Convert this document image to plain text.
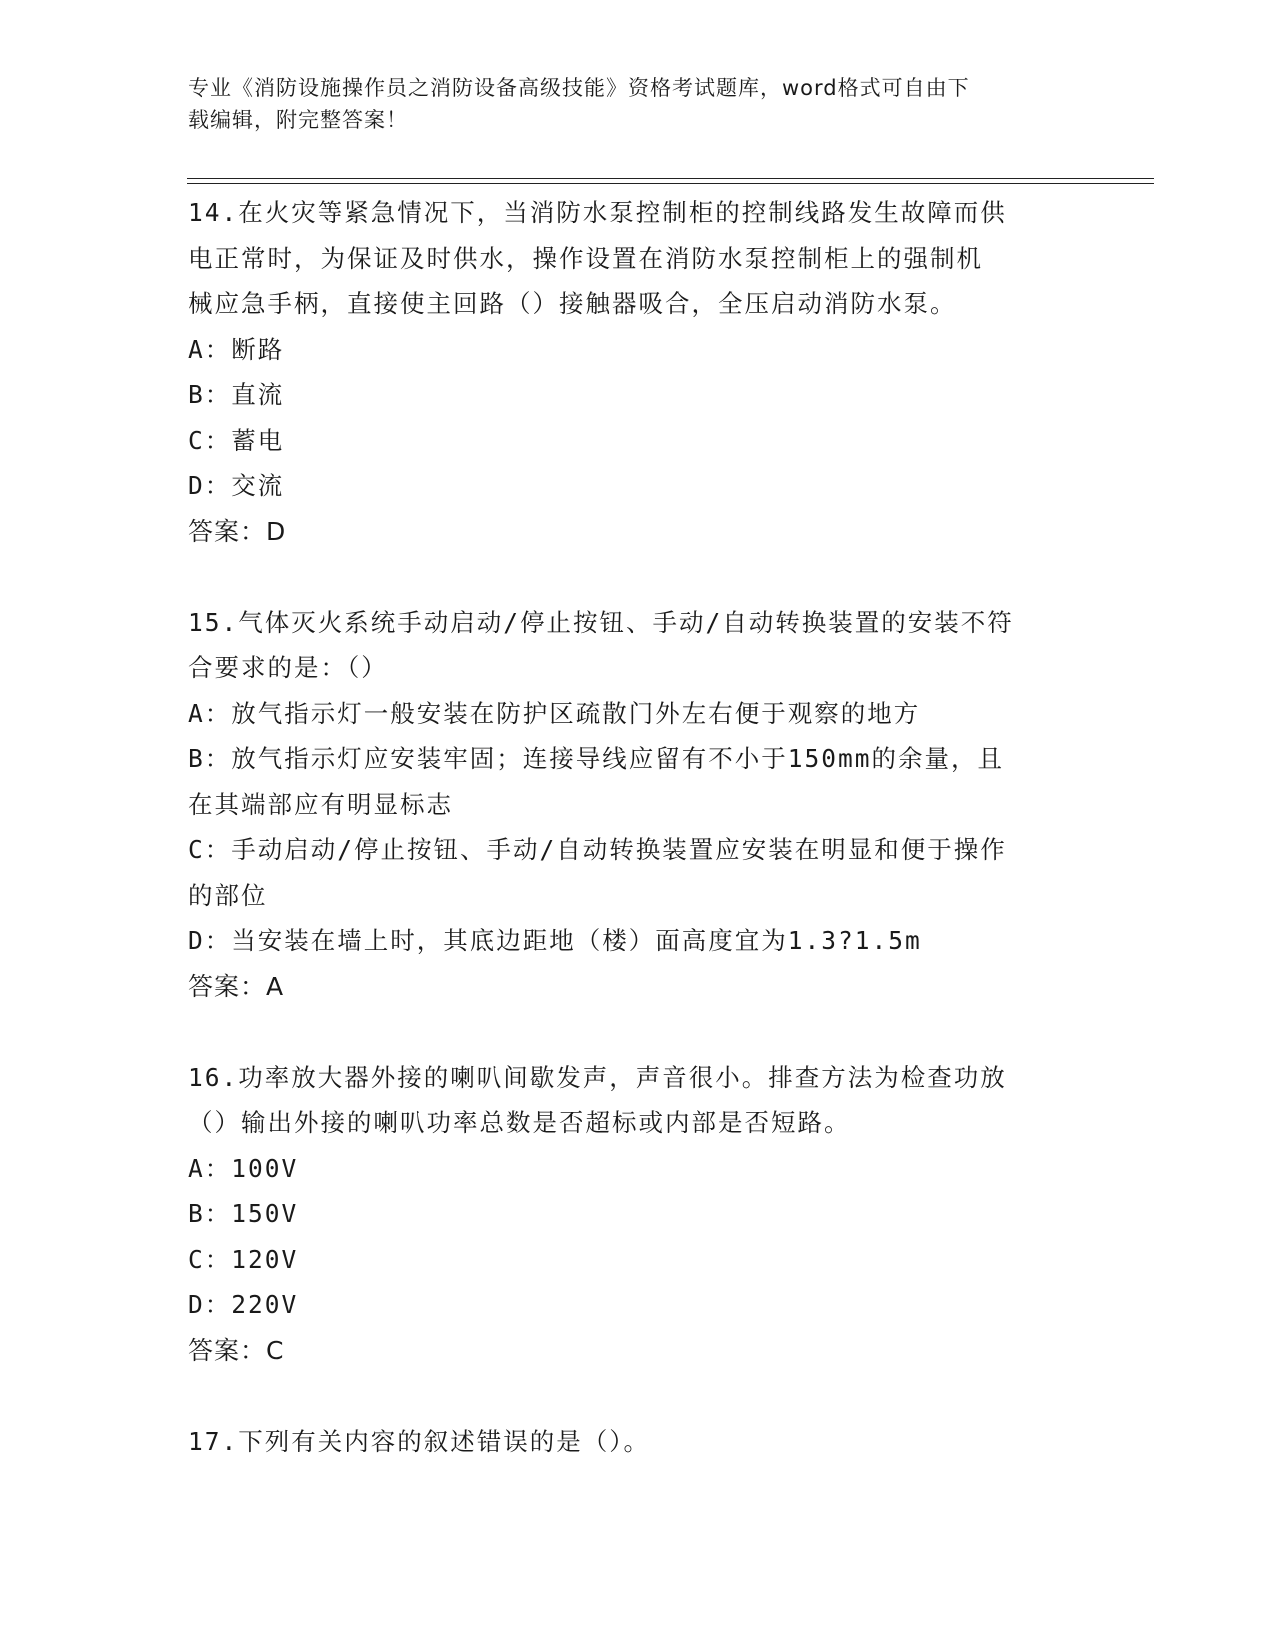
专业《消防设施操作员之消防设备高级技能》资格考试题库，word格式可自由下
载编辑，附完整答案！
14.在火灾等紧急情况下，当消防水泵控制柜的控制线路发生故障而供
电正常时，为保证及时供水，操作设置在消防水泵控制柜上的强制机
械应急手柄，直接使主回路（）接触器吸合，全压启动消防水泵。
A：断路
B：直流
C：蓄电
D：交流
答案：D
15.气体灭火系统手动启动/停止按钮、手动/自动转换装置的安装不符
合要求的是：（）
A：放气指示灯一般安装在防护区疏散门外左右便于观察的地方
B：放气指示灯应安装牢固；连接导线应留有不小于150mm的余量，且
在其端部应有明显标志
C：手动启动/停止按钮、手动/自动转换装置应安装在明显和便于操作
的部位
D：当安装在墙上时，其底边距地（楼）面高度宜为1.3?1.5m
答案：A
16.功率放大器外接的喇叭间歇发声，声音很小。排查方法为检查功放
（）输出外接的喇叭功率总数是否超标或内部是否短路。
A：100V
B：150V
C：120V
D：220V
答案：C
17.下列有关内容的叙述错误的是（）。
